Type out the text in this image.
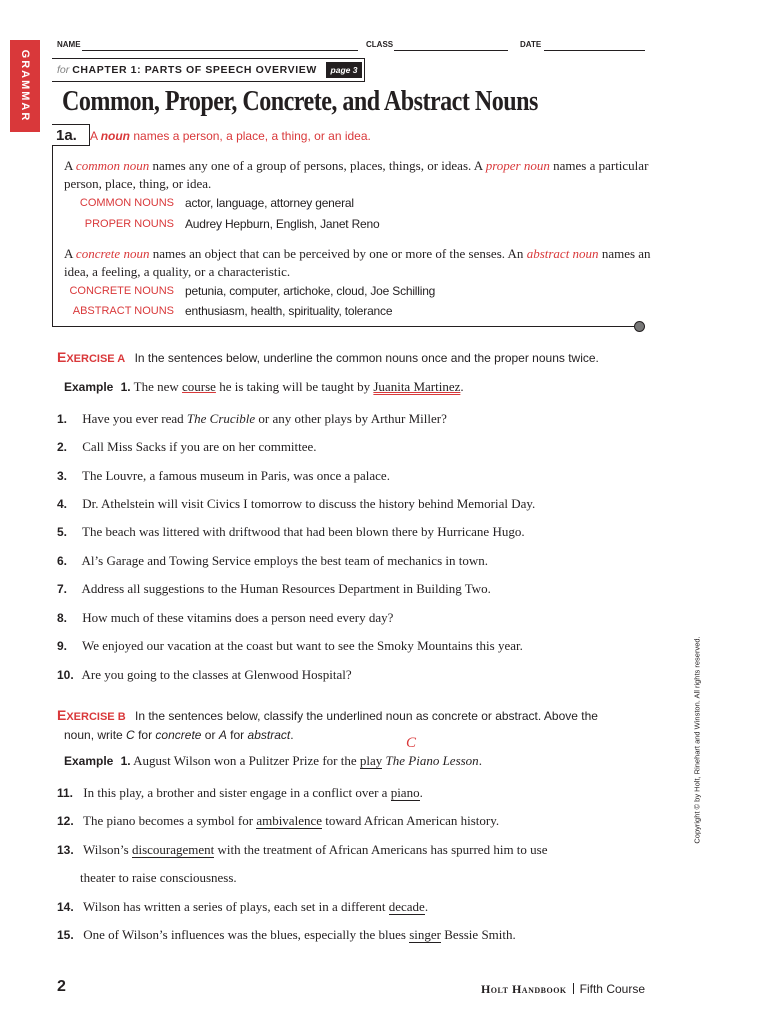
GRAMMAR
NAME	CLASS	DATE
for CHAPTER 1: PARTS OF SPEECH OVERVIEW	page 3
Common, Proper, Concrete, and Abstract Nouns
1a.	A noun names a person, a place, a thing, or an idea.
A common noun names any one of a group of persons, places, things, or ideas. A proper noun names a particular person, place, thing, or idea.
COMMON NOUNS actor, language, attorney general
PROPER NOUNS Audrey Hepburn, English, Janet Reno
A concrete noun names an object that can be perceived by one or more of the senses. An abstract noun names an idea, a feeling, a quality, or a characteristic.
CONCRETE NOUNS petunia, computer, artichoke, cloud, Joe Schilling
ABSTRACT NOUNS enthusiasm, health, spirituality, tolerance
EXERCISE A In the sentences below, underline the common nouns once and the proper nouns twice.
Example 1. The new course he is taking will be taught by Juanita Martinez.
1. Have you ever read The Crucible or any other plays by Arthur Miller?
2. Call Miss Sacks if you are on her committee.
3. The Louvre, a famous museum in Paris, was once a palace.
4. Dr. Athelstein will visit Civics I tomorrow to discuss the history behind Memorial Day.
5. The beach was littered with driftwood that had been blown there by Hurricane Hugo.
6. Al’s Garage and Towing Service employs the best team of mechanics in town.
7. Address all suggestions to the Human Resources Department in Building Two.
8. How much of these vitamins does a person need every day?
9. We enjoyed our vacation at the coast but want to see the Smoky Mountains this year.
10. Are you going to the classes at Glenwood Hospital?
EXERCISE B In the sentences below, classify the underlined noun as concrete or abstract. Above the
noun, write C for concrete or A for abstract.	C
Example 1. August Wilson won a Pulitzer Prize for the play The Piano Lesson.
11. In this play, a brother and sister engage in a conflict over a piano.
12. The piano becomes a symbol for ambivalence toward African American history.
13. Wilson’s discouragement with the treatment of African Americans has spurred him to use
theater to raise consciousness.
14. Wilson has written a series of plays, each set in a different decade.
15. One of Wilson’s influences was the blues, especially the blues singer Bessie Smith.
Copyright © by Holt, Rinehart and Winston. All rights reserved.
2	Holt Handbook Fifth Course
